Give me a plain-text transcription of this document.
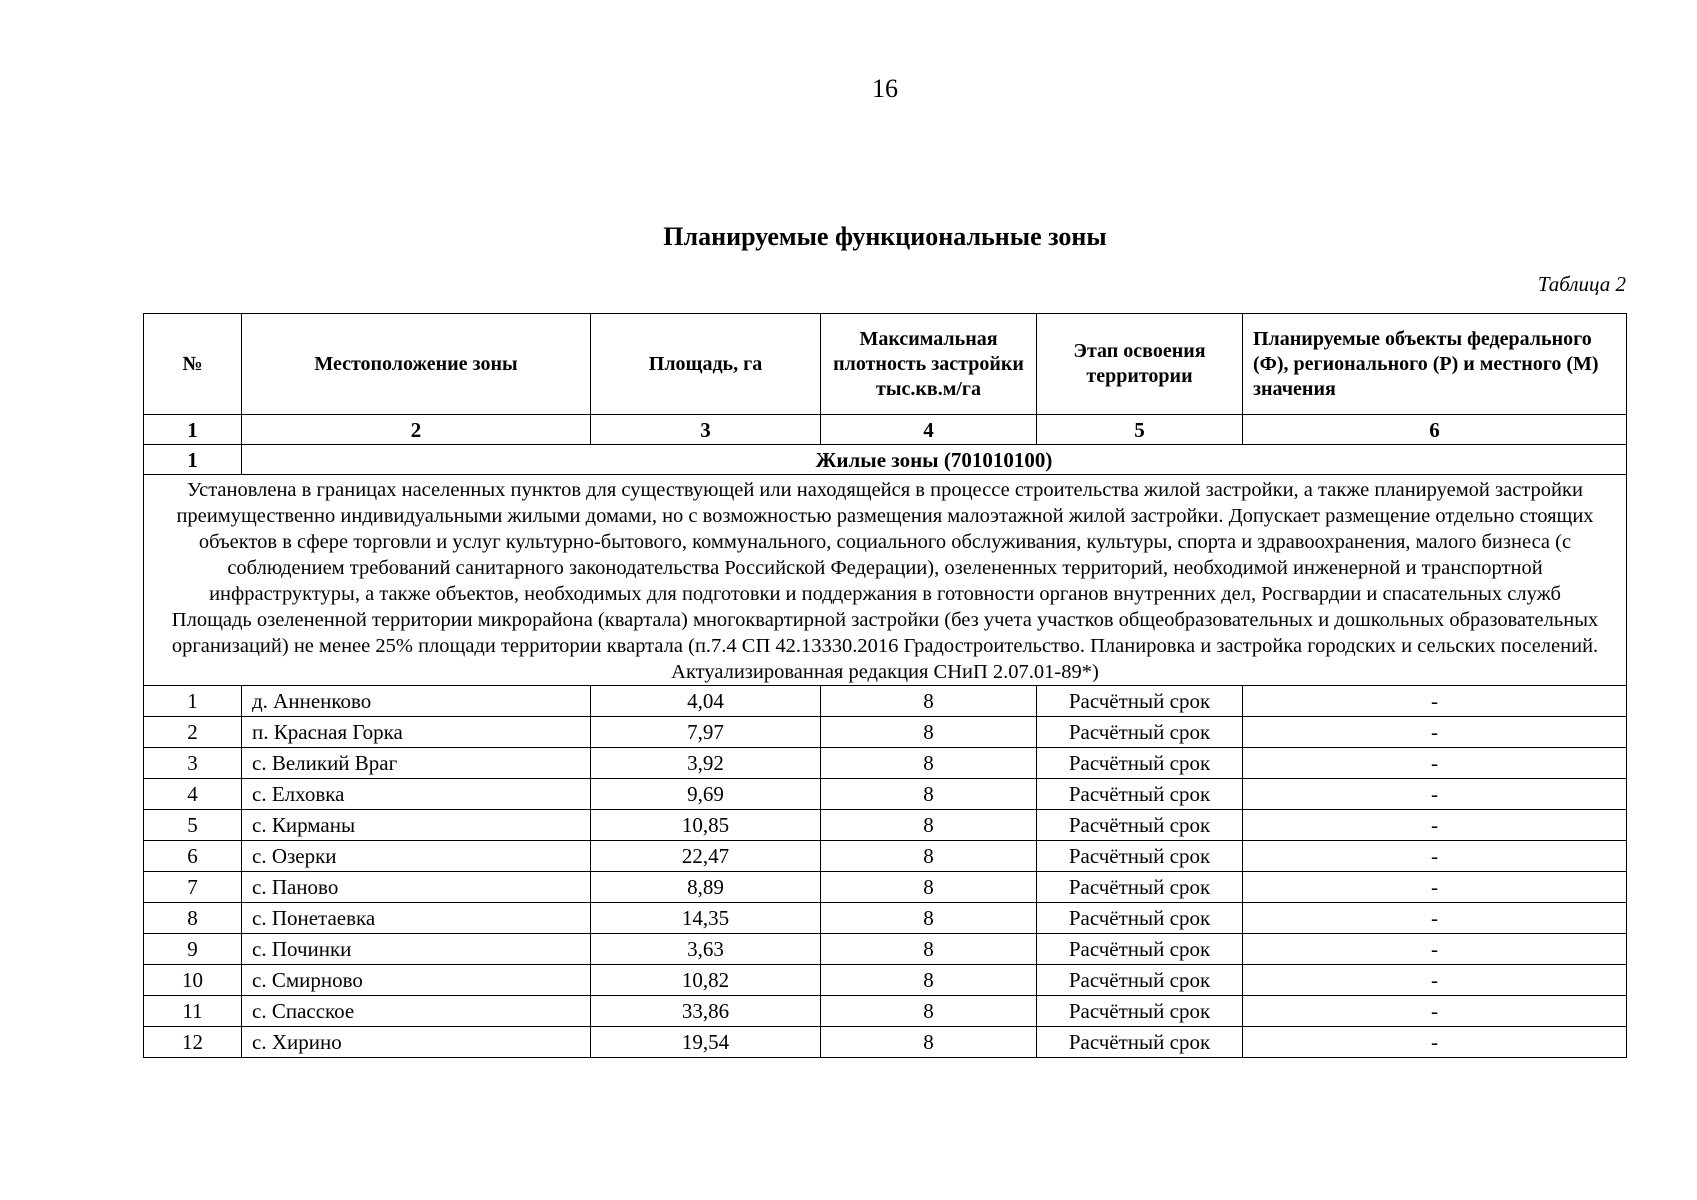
16
Планируемые функциональные зоны
Таблица 2
№	Местоположение зоны	Площадь, га	Максимальная плотность застройки тыс.кв.м/га	Этап освоения территории	Планируемые объекты федерального (Ф), регионального (Р) и местного (М) значения
1	2	3	4	5	6
1	Жилые зоны (701010100)				

Установлена в границах населенных пунктов для существующей или находящейся в процессе строительства жилой застройки, а также планируемой застройки преимущественно индивидуальными жилыми домами, но с возможностью размещения малоэтажной жилой застройки. Допускает размещение отдельно стоящих объектов в сфере торговли и услуг культурно-бытового, коммунального, социального обслуживания, культуры, спорта и здравоохранения, малого бизнеса (с соблюдением требований санитарного законодательства Российской Федерации), озелененных территорий, необходимой инженерной и транспортной инфраструктуры, а также объектов, необходимых для подготовки и поддержания в готовности органов внутренних дел, Росгвардии и спасательных служб
Площадь озелененной территории микрорайона (квартала) многоквартирной застройки (без учета участков общеобразовательных и дошкольных образовательных организаций) не менее 25% площади территории квартала (п.7.4 СП 42.13330.2016 Градостроительство. Планировка и застройка городских и сельских поселений. Актуализированная редакция СНиП 2.07.01-89*)					

1	д. Анненково	4,04	8	Расчётный срок	-
2	п. Красная Горка	7,97	8	Расчётный срок	-
3	с. Великий Враг	3,92	8	Расчётный срок	-
4	с. Елховка	9,69	8	Расчётный срок	-
5	с. Кирманы	10,85	8	Расчётный срок	-
6	с. Озерки	22,47	8	Расчётный срок	-
7	с. Паново	8,89	8	Расчётный срок	-
8	с. Понетаевка	14,35	8	Расчётный срок	-
9	с. Починки	3,63	8	Расчётный срок	-
10	с. Смирново	10,82	8	Расчётный срок	-
11	с. Спасское	33,86	8	Расчётный срок	-
12	с. Хирино	19,54	8	Расчётный срок	-
